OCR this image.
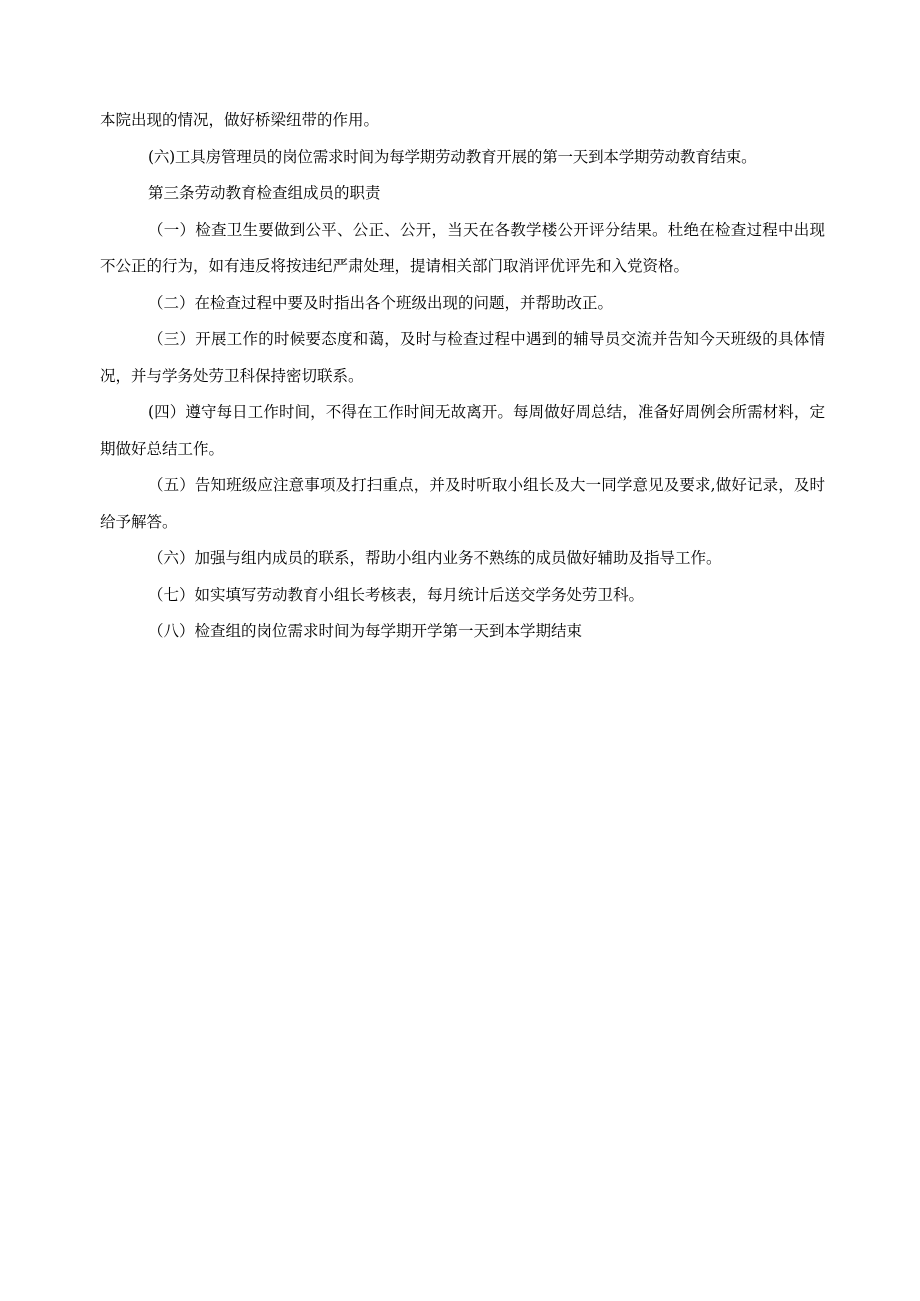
本院出现的情况，做好桥梁纽带的作用。

(六)工具房管理员的岗位需求时间为每学期劳动教育开展的第一天到本学期劳动教育结束。

第三条劳动教育检查组成员的职责

（一）检查卫生要做到公平、公正、公开，当天在各教学楼公开评分结果。杜绝在检查过程中出现不公正的行为，如有违反将按违纪严肃处理，提请相关部门取消评优评先和入党资格。

（二）在检查过程中要及时指出各个班级出现的问题，并帮助改正。

（三）开展工作的时候要态度和蔼，及时与检查过程中遇到的辅导员交流并告知今天班级的具体情况，并与学务处劳卫科保持密切联系。

(四）遵守每日工作时间，不得在工作时间无故离开。每周做好周总结，准备好周例会所需材料，定期做好总结工作。

（五）告知班级应注意事项及打扫重点，并及时听取小组长及大一同学意见及要求,做好记录，及时给予解答。

（六）加强与组内成员的联系，帮助小组内业务不熟练的成员做好辅助及指导工作。

（七）如实填写劳动教育小组长考核表，每月统计后送交学务处劳卫科。

（八）检查组的岗位需求时间为每学期开学第一天到本学期结束
